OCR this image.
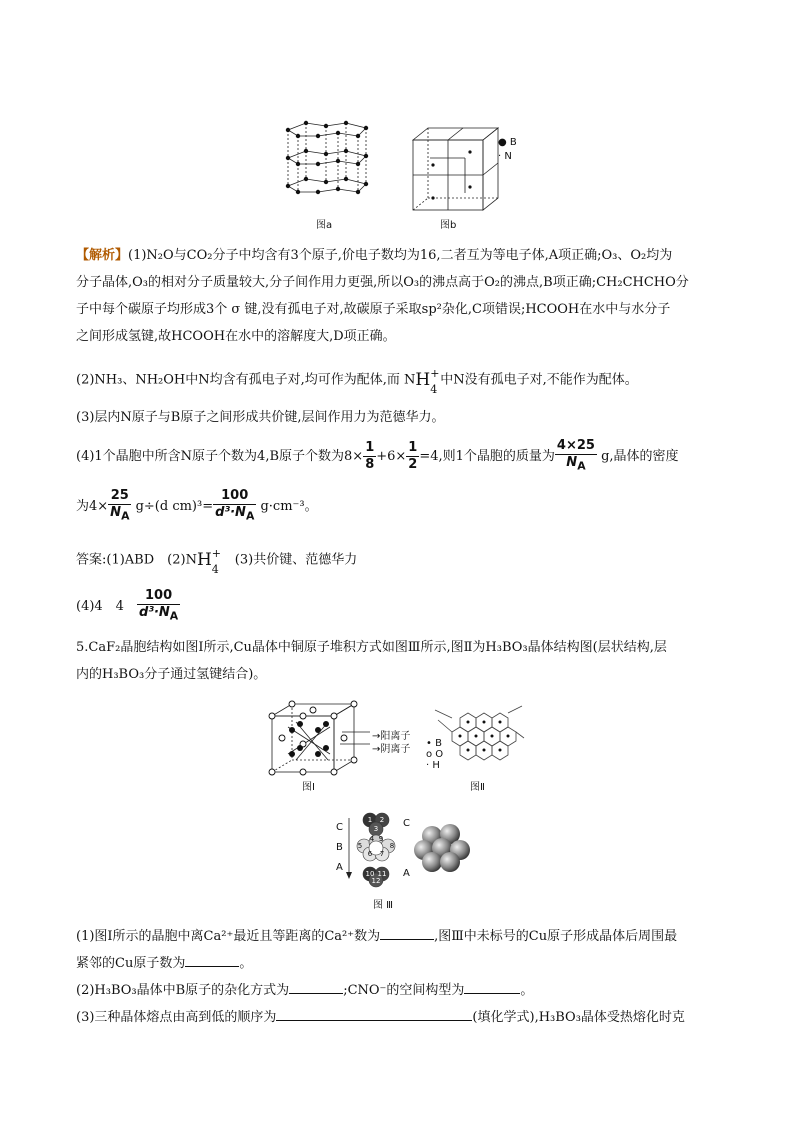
图a
● B
· N
图b
【解析】(1)N₂O与CO₂分子中均含有3个原子,价电子数均为16,二者互为等电子体,A项正确;O₃、O₂均为
分子晶体,O₃的相对分子质量较大,分子间作用力更强,所以O₃的沸点高于O₂的沸点,B项正确;CH₂CHCHO分
子中每个碳原子均形成3个 σ 键,没有孤电子对,故碳原子采取sp²杂化,C项错误;HCOOH在水中与水分子
之间形成氢键,故HCOOH在水中的溶解度大,D项正确。
(2)NH₃、NH₂OH中N均含有孤电子对,均可作为配体,而 NH +
4
中N没有孤电子对,不能作为配体。
(3)层内N原子与B原子之间形成共价键,层间作用力为范德华力。
(4)1个晶胞中所含N原子个数为4,B原子个数为$8\times \frac{1}{8} +6\times \frac{1}{2} =4$,则1个晶胞的质量为 $\frac{4\times 25}{N_A} g$,晶体的密度
为$4\times \frac{25}{N_A} g\div(d$ $cm)^3= \frac{100}{d^3\cdot N_A} g\cdot cm^{-3}$。
答案:(1)ABD　(2)NH +
4
　(3)共价键、范德华力
(4)4　4　 $\frac{100}{d^3\cdot N_A}$
5.CaF₂晶胞结构如图Ⅰ所示,Cu晶体中铜原子堆积方式如图Ⅲ所示,图Ⅱ为H₃BO₃晶体结构图(层状结构,层
内的H₃BO₃分子通过氢键结合)。
→阳离子
→阴离子
图Ⅰ
• B
o O
· H
图Ⅱ
C
B
A
1 2
3
4
5
6 7
8
9
10 11
12
C
A
图 Ⅲ
(1)图Ⅰ所示的晶胞中离Ca²⁺最近且等距离的Ca²⁺数为	,图Ⅲ中未标号的Cu原子形成晶体后周围最
紧邻的Cu原子数为	。
(2)H₃BO₃晶体中B原子的杂化方式为	;CNO⁻的空间构型为	。
(3)三种晶体熔点由高到低的顺序为	(填化学式),H₃BO₃晶体受热熔化时克
